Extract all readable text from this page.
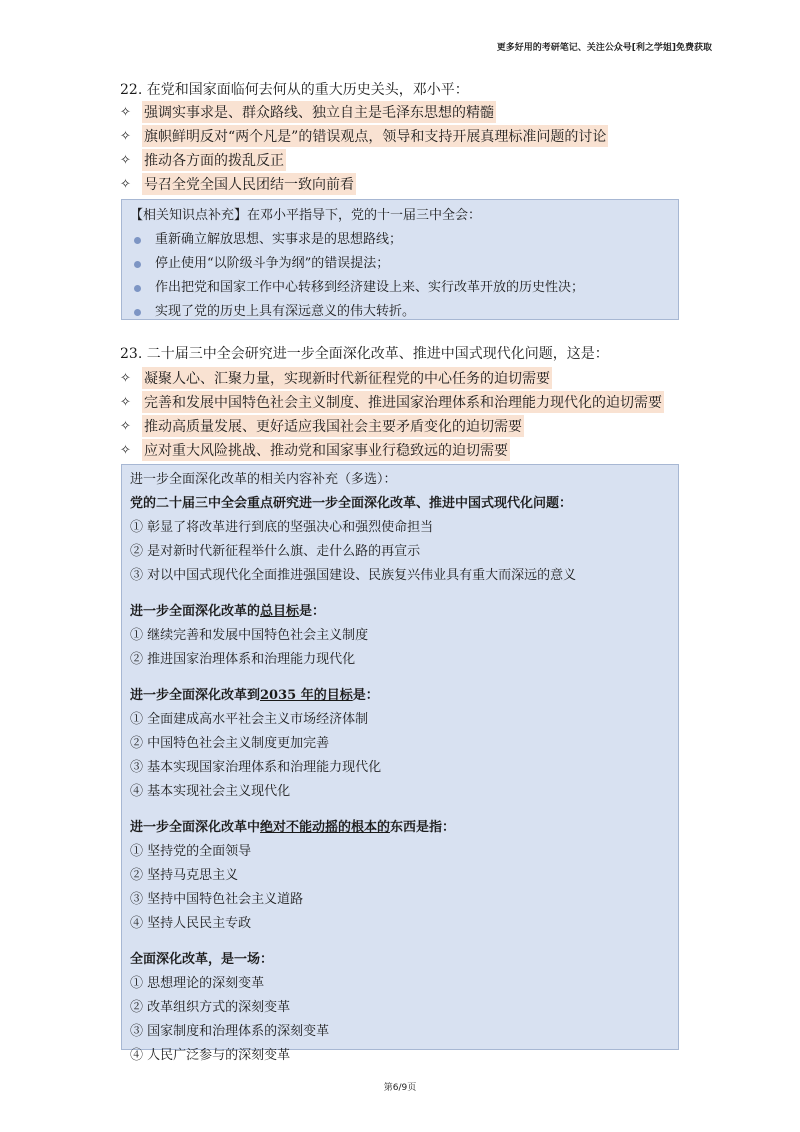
更多好用的考研笔记、关注公众号[利之学姐]免费获取
22. 在党和国家面临何去何从的重大历史关头，邓小平：
✧ 强调实事求是、群众路线、独立自主是毛泽东思想的精髓
✧ 旗帜鲜明反对“两个凡是”的错误观点，领导和支持开展真理标准问题的讨论
✧ 推动各方面的拨乱反正
✧ 号召全党全国人民团结一致向前看
【相关知识点补充】在邓小平指导下，党的十一届三中全会：
重新确立解放思想、实事求是的思想路线；
停止使用“以阶级斗争为纲”的错误提法；
作出把党和国家工作中心转移到经济建设上来、实行改革开放的历史性决；
实现了党的历史上具有深远意义的伟大转折。
23. 二十届三中全会研究进一步全面深化改革、推进中国式现代化问题，这是：
✧ 凝聚人心、汇聚力量，实现新时代新征程党的中心任务的迫切需要
✧ 完善和发展中国特色社会主义制度、推进国家治理体系和治理能力现代化的迫切需要
✧ 推动高质量发展、更好适应我国社会主要矛盾变化的迫切需要
✧ 应对重大风险挑战、推动党和国家事业行稳致远的迫切需要
进一步全面深化改革的相关内容补充（多选）：
党的二十届三中全会重点研究进一步全面深化改革、推进中国式现代化问题：
① 彰显了将改革进行到底的坚强决心和强烈使命担当
② 是对新时代新征程举什么旗、走什么路的再宣示
③ 对以中国式现代化全面推进强国建设、民族复兴伟业具有重大而深远的意义
进一步全面深化改革的总目标是：
① 继续完善和发展中国特色社会主义制度
② 推进国家治理体系和治理能力现代化
进一步全面深化改革到2035 年的目标是：
① 全面建成高水平社会主义市场经济体制
② 中国特色社会主义制度更加完善
③ 基本实现国家治理体系和治理能力现代化
④ 基本实现社会主义现代化
进一步全面深化改革中绝对不能动摇的根本的东西是指：
① 坚持党的全面领导
② 坚持马克思主义
③ 坚持中国特色社会主义道路
④ 坚持人民民主专政
全面深化改革，是一场：
① 思想理论的深刻变革
② 改革组织方式的深刻变革
③ 国家制度和治理体系的深刻变革
④ 人民广泛参与的深刻变革
第6/9页
